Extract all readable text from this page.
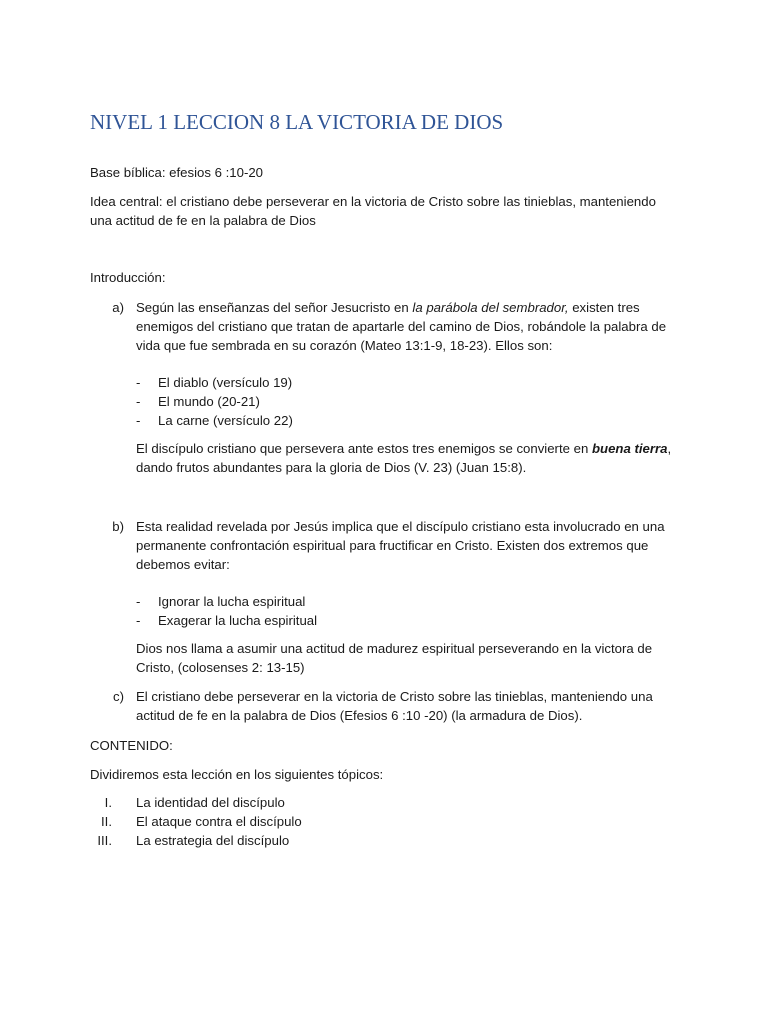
NIVEL 1 LECCION 8 LA VICTORIA DE DIOS

Base bíblica: efesios 6 :10-20

Idea central: el cristiano debe perseverar en la victoria de Cristo sobre las tinieblas, manteniendo una actitud de fe en la palabra de Dios

Introducción:

a) Según las enseñanzas del señor Jesucristo en la parábola del sembrador, existen tres enemigos del cristiano que tratan de apartarle del camino de Dios, robándole la palabra de vida que fue sembrada en su corazón (Mateo 13:1-9, 18-23). Ellos son:
- El diablo (versículo 19)
- El mundo (20-21)
- La carne (versículo 22)
El discípulo cristiano que persevera ante estos tres enemigos se convierte en buena tierra, dando frutos abundantes para la gloria de Dios (V. 23) (Juan 15:8).
b) Esta realidad revelada por Jesús implica que el discípulo cristiano esta involucrado en una permanente confrontación espiritual para fructificar en Cristo. Existen dos extremos que debemos evitar:
- Ignorar la lucha espiritual
- Exagerar la lucha espiritual
Dios nos llama a asumir una actitud de madurez espiritual perseverando en la victora de Cristo, (colosenses 2: 13-15)
c) El cristiano debe perseverar en la victoria de Cristo sobre las tinieblas, manteniendo una actitud de fe en la palabra de Dios (Efesios 6 :10 -20) (la armadura de Dios).

CONTENIDO:

Dividiremos esta lección en los siguientes tópicos:

I. La identidad del discípulo
II. El ataque contra el discípulo
III. La estrategia del discípulo
